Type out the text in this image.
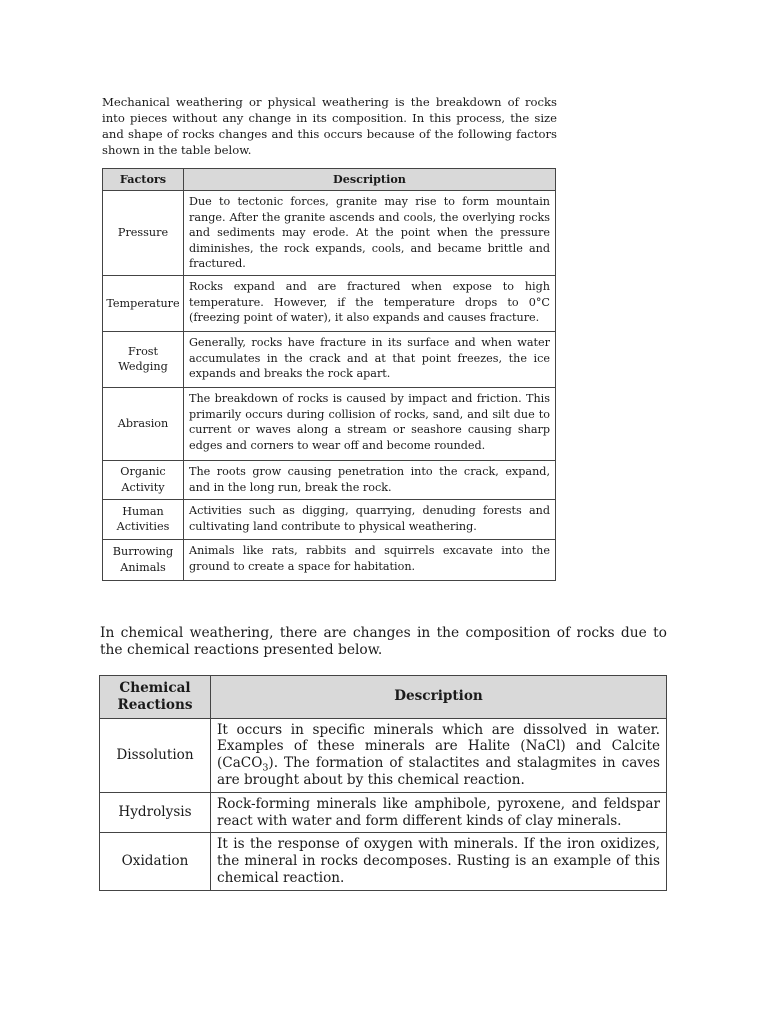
Mechanical weathering or physical weathering is the breakdown of rocks into pieces without any change in its composition. In this process, the size and shape of rocks changes and this occurs because of the following factors shown in the table below.

Factors	Description
Pressure	Due to tectonic forces, granite may rise to form mountain range. After the granite ascends and cools, the overlying rocks and sediments may erode. At the point when the pressure diminishes, the rock expands, cools, and became brittle and fractured.
Temperature	Rocks expand and are fractured when expose to high temperature. However, if the temperature drops to 0°C (freezing point of water), it also expands and causes fracture.
Frost Wedging	Generally, rocks have fracture in its surface and when water accumulates in the crack and at that point freezes, the ice expands and breaks the rock apart.
Abrasion	The breakdown of rocks is caused by impact and friction. This primarily occurs during collision of rocks, sand, and silt due to current or waves along a stream or seashore causing sharp edges and corners to wear off and become rounded.
Organic Activity	The roots grow causing penetration into the crack, expand, and in the long run, break the rock.
Human Activities	Activities such as digging, quarrying, denuding forests and cultivating land contribute to physical weathering.
Burrowing Animals	Animals like rats, rabbits and squirrels excavate into the ground to create a space for habitation.

In chemical weathering, there are changes in the composition of rocks due to the chemical reactions presented below.

Chemical Reactions	Description
Dissolution	It occurs in specific minerals which are dissolved in water. Examples of these minerals are Halite (NaCl) and Calcite (CaCO$_3$). The formation of stalactites and stalagmites in caves are brought about by this chemical reaction.
Hydrolysis	Rock-forming minerals like amphibole, pyroxene, and feldspar react with water and form different kinds of clay minerals.
Oxidation	It is the response of oxygen with minerals. If the iron oxidizes, the mineral in rocks decomposes. Rusting is an example of this chemical reaction.
